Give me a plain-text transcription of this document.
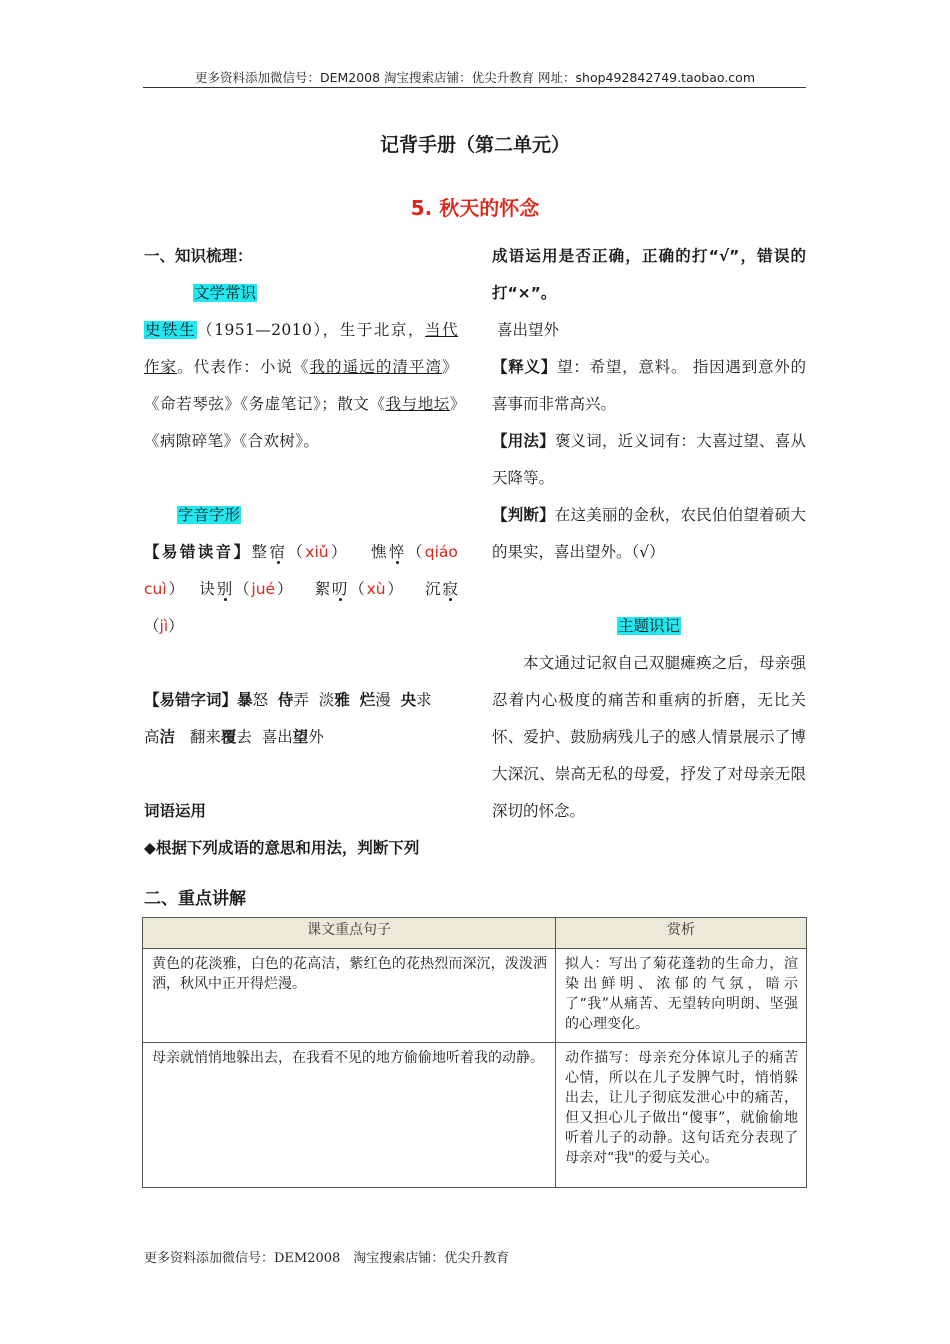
更多资料添加微信号：DEM2008 淘宝搜索店铺：优尖升教育 网址：shop492842749.taobao.com
记背手册（第二单元）
5. 秋天的怀念

一、知识梳理：

文学常识

史铁生（1951—2010），生于北京，当代作家。代表作：小说《我的遥远的清平湾》《命若琴弦》《务虚笔记》；散文《我与地坛》《病隙碎笔》《合欢树》。

字音字形

【易错读音】整宿（xiǔ）   憔悴（qiáo cuì）  诀别（jué）   絮叨（xù）   沉寂（jì）

【易错字词】暴怒 侍弄 淡雅 烂漫 央求
高洁 翻来覆去 喜出望外

词语运用

◆根据下列成语的意思和用法，判断下列

成语运用是否正确，正确的打“√”，错误的打“×”。

喜出望外

【释义】望：希望，意料。 指因遇到意外的喜事而非常高兴。

【用法】褒义词，近义词有：大喜过望、喜从天降等。

【判断】在这美丽的金秋，农民伯伯望着硕大的果实，喜出望外。（√）

主题识记

本文通过记叙自己双腿瘫痪之后，母亲强忍着内心极度的痛苦和重病的折磨，无比关怀、爱护、鼓励病残儿子的感人情景展示了博大深沉、崇高无私的母爱，抒发了对母亲无限深切的怀念。

二、重点讲解
课文重点句子	赏析
黄色的花淡雅，白色的花高洁，紫红色的花热烈而深沉，泼泼洒洒，秋风中正开得烂漫。	拟人：写出了菊花蓬勃的生命力，渲染出鲜明、浓郁的气氛，暗示了“我”从痛苦、无望转向明朗、坚强的心理变化。
母亲就悄悄地躲出去，在我看不见的地方偷偷地听着我的动静。	动作描写：母亲充分体谅儿子的痛苦心情，所以在儿子发脾气时，悄悄躲出去，让儿子彻底发泄心中的痛苦，但又担心儿子做出“傻事”，就偷偷地听着儿子的动静。这句话充分表现了母亲对“我"的爱与关心。
更多资料添加微信号：DEM2008　淘宝搜索店铺：优尖升教育
